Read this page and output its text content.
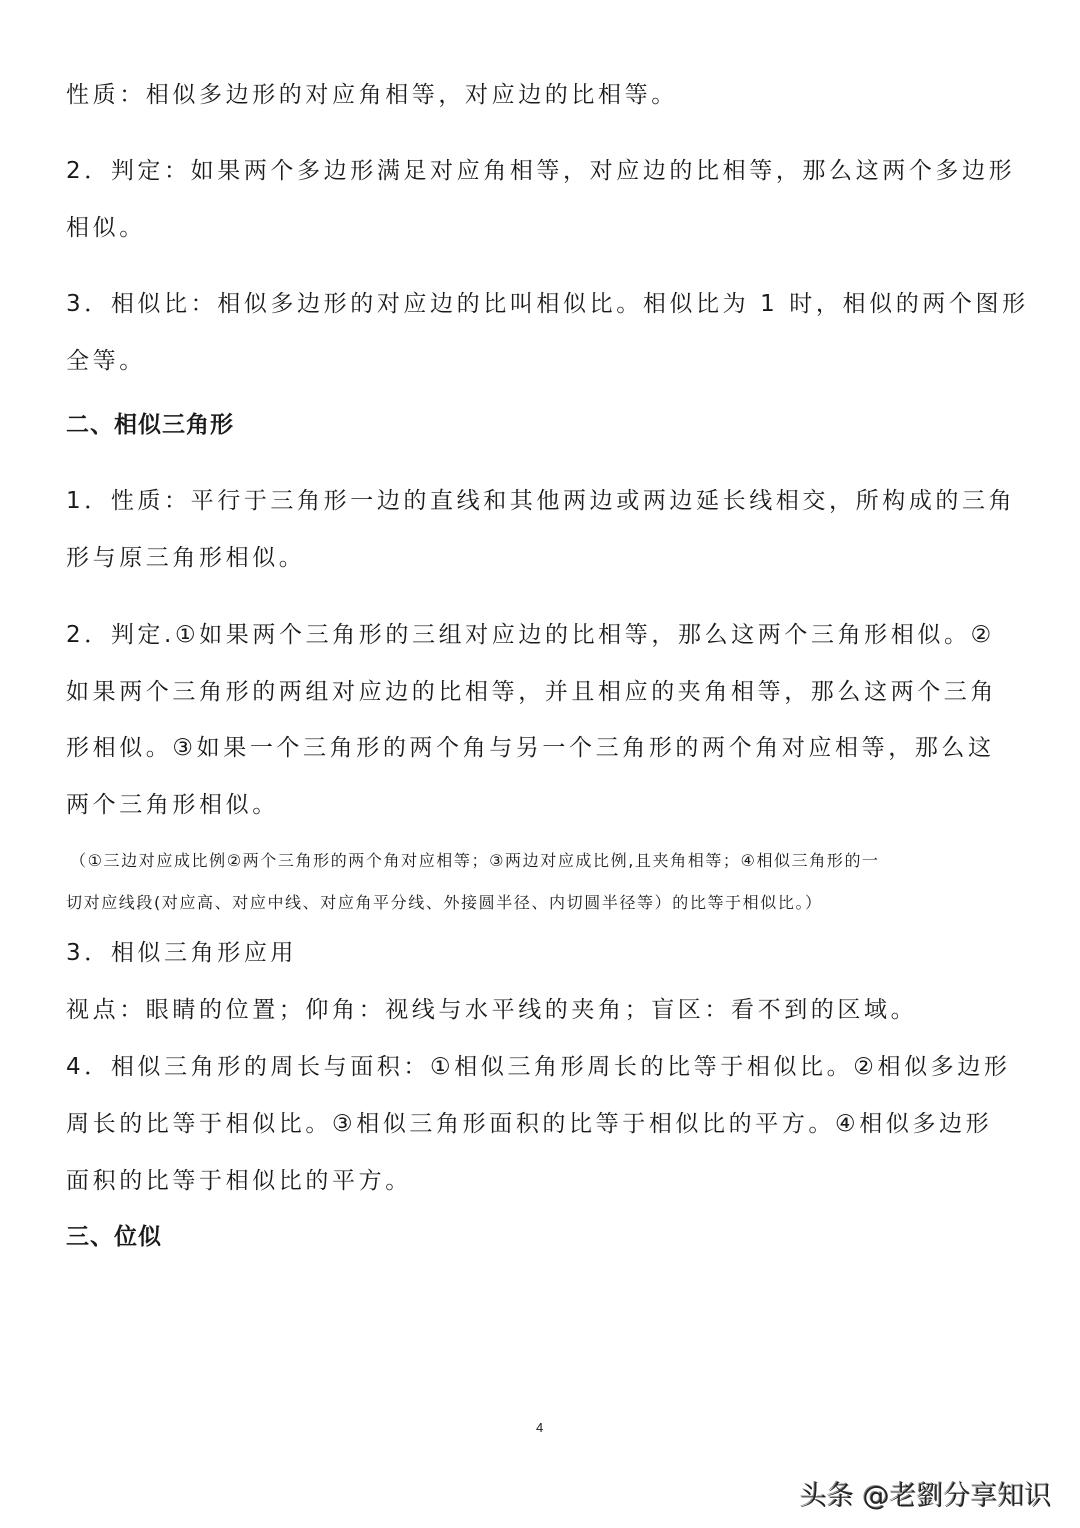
性质：相似多边形的对应角相等，对应边的比相等。
2．判定：如果两个多边形满足对应角相等，对应边的比相等，那么这两个多边形
相似。
3．相似比：相似多边形的对应边的比叫相似比。相似比为 1 时，相似的两个图形
全等。
二、相似三角形
1．性质：平行于三角形一边的直线和其他两边或两边延长线相交，所构成的三角
形与原三角形相似。
2．判定.①如果两个三角形的三组对应边的比相等，那么这两个三角形相似。②
如果两个三角形的两组对应边的比相等，并且相应的夹角相等，那么这两个三角
形相似。③如果一个三角形的两个角与另一个三角形的两个角对应相等，那么这
两个三角形相似。
（①三边对应成比例②两个三角形的两个角对应相等；③两边对应成比例,且夹角相等；④相似三角形的一
切对应线段(对应高、对应中线、对应角平分线、外接圆半径、内切圆半径等）的比等于相似比。）
3．相似三角形应用
视点：眼睛的位置；仰角：视线与水平线的夹角；盲区：看不到的区域。
4．相似三角形的周长与面积：①相似三角形周长的比等于相似比。②相似多边形
周长的比等于相似比。③相似三角形面积的比等于相似比的平方。④相似多边形
面积的比等于相似比的平方。
三、位似
4
头条 @老劉分享知识
